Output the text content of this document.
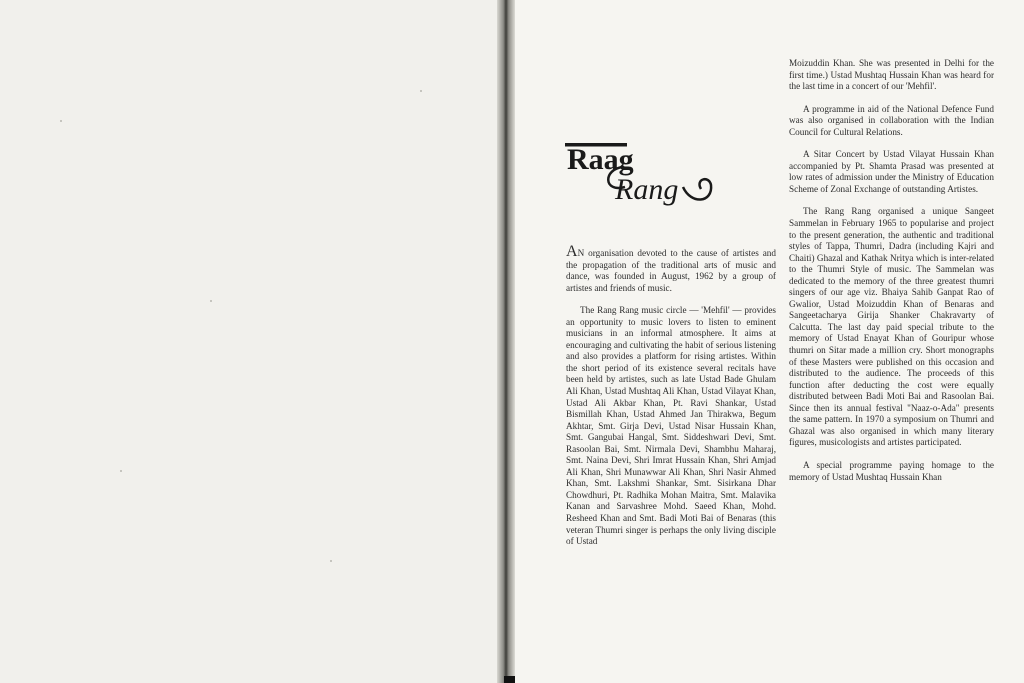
Raag
Rang

AN organisation devoted to the cause of artistes and the propagation of the traditional arts of music and dance, was founded in August, 1962 by a group of artistes and friends of music.

The Rang Rang music circle — 'Mehfil' — provides an opportunity to music lovers to listen to eminent musicians in an informal atmosphere. It aims at encouraging and cultivating the habit of serious listening and also provides a platform for rising artistes. Within the short period of its existence several recitals have been held by artistes, such as late Ustad Bade Ghulam Ali Khan, Ustad Mushtaq Ali Khan, Ustad Vilayat Khan, Ustad Ali Akbar Khan, Pt. Ravi Shankar, Ustad Bismillah Khan, Ustad Ahmed Jan Thirakwa, Begum Akhtar, Smt. Girja Devi, Ustad Nisar Hussain Khan, Smt. Gangubai Hangal, Smt. Siddeshwari Devi, Smt. Rasoolan Bai, Smt. Nirmala Devi, Shambhu Maharaj, Smt. Naina Devi, Shri Imrat Hussain Khan, Shri Amjad Ali Khan, Shri Munawwar Ali Khan, Shri Nasir Ahmed Khan, Smt. Lakshmi Shankar, Smt. Sisirkana Dhar Chowdhuri, Pt. Radhika Mohan Maitra, Smt. Malavika Kanan and Sarvashree Mohd. Saeed Khan, Mohd. Resheed Khan and Smt. Badi Moti Bai of Benaras (this veteran Thumri singer is perhaps the only living disciple of Ustad

Moizuddin Khan. She was presented in Delhi for the first time.) Ustad Mushtaq Hussain Khan was heard for the last time in a concert of our 'Mehfil'.

A programme in aid of the National Defence Fund was also organised in collaboration with the Indian Council for Cultural Relations.

A Sitar Concert by Ustad Vilayat Hussain Khan accompanied by Pt. Shamta Prasad was presented at low rates of admission under the Ministry of Education Scheme of Zonal Exchange of outstanding Artistes.

The Rang Rang organised a unique Sangeet Sammelan in February 1965 to popularise and project to the present generation, the authentic and traditional styles of Tappa, Thumri, Dadra (including Kajri and Chaiti) Ghazal and Kathak Nritya which is inter-related to the Thumri Style of music. The Sammelan was dedicated to the memory of the three greatest thumri singers of our age viz. Bhaiya Sahib Ganpat Rao of Gwalior, Ustad Moizuddin Khan of Benaras and Sangeetacharya Girija Shanker Chakravarty of Calcutta. The last day paid special tribute to the memory of Ustad Enayat Khan of Gouripur whose thumri on Sitar made a million cry. Short monographs of these Masters were published on this occasion and distributed to the audience. The proceeds of this function after deducting the cost were equally distributed between Badi Moti Bai and Rasoolan Bai. Since then its annual festival "Naaz-o-Ada" presents the same pattern. In 1970 a symposium on Thumri and Ghazal was also organised in which many literary figures, musicologists and artistes participated.

A special programme paying homage to the memory of Ustad Mushtaq Hussain Khan
